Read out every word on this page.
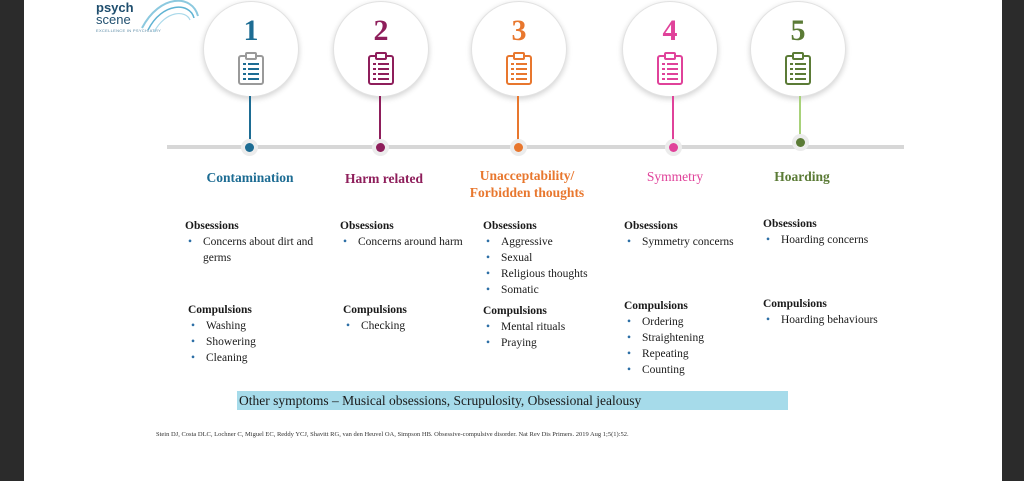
psych
scene
EXCELLENCE IN PSYCHIATRY	1
Contamination
2
Harm related
3
Unacceptability/
Forbidden thoughts
4
Symmetry
5
Hoarding
Obsessions
• Concerns about dirt and germs
Compulsions
• Washing
• Showering
• Cleaning
Obsessions
• Concerns around harm
Compulsions
• Checking
Obsessions
• Aggressive
• Sexual
• Religious thoughts
• Somatic
Compulsions
• Mental rituals
• Praying
Obsessions
• Symmetry concerns
Compulsions
• Ordering
• Straightening
• Repeating
• Counting
Obsessions
• Hoarding concerns
Compulsions
• Hoarding behaviours
Other symptoms – Musical obsessions, Scrupulosity, Obsessional jealousy
Stein DJ, Costa DLC, Lochner C, Miguel EC, Reddy YCJ, Shavitt RG, van den Heuvel OA, Simpson HB. Obsessive-compulsive disorder. Nat Rev Dis Primers. 2019 Aug 1;5(1):52.
